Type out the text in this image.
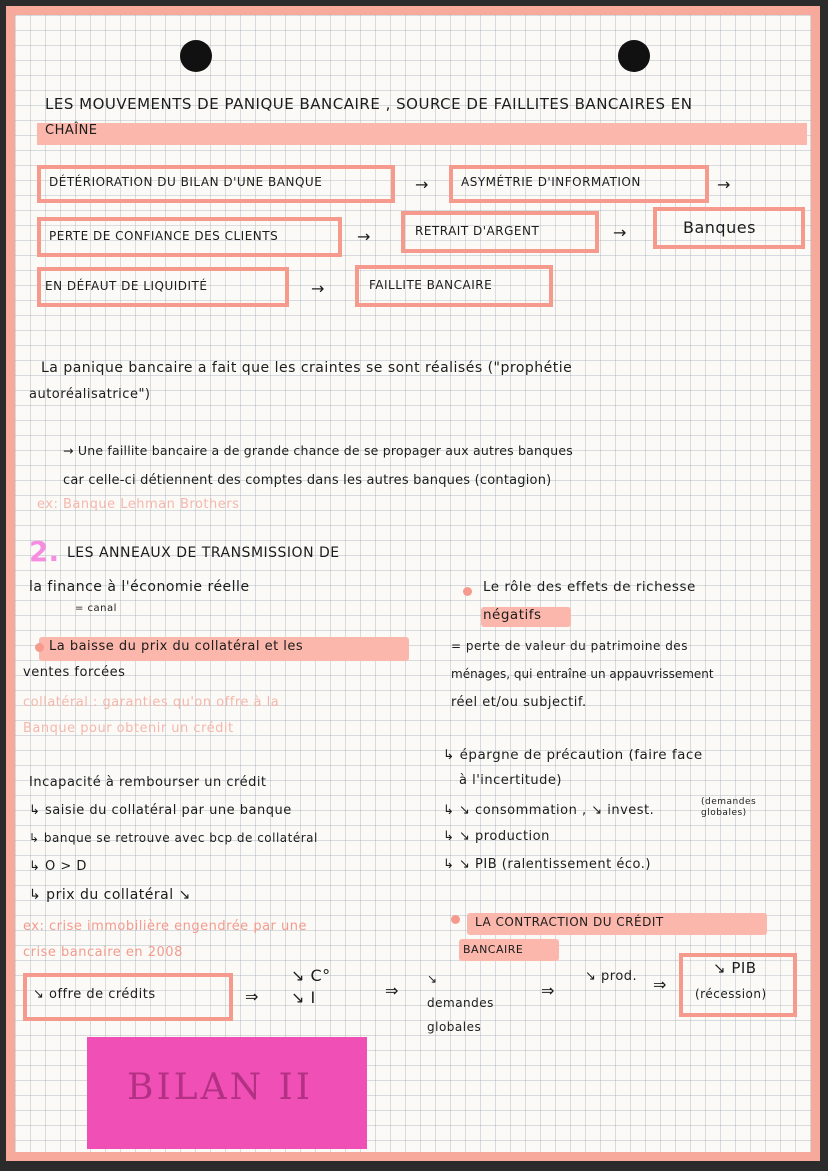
LES MOUVEMENTS DE PANIQUE BANCAIRE , SOURCE DE FAILLITES BANCAIRES EN
CHAÎNE
DÉTÉRIORATION DU BILAN D'UNE BANQUE	→	ASYMÉTRIE D'INFORMATION	→
PERTE DE CONFIANCE DES CLIENTS	→	RETRAIT D'ARGENT	→	Banques
EN DÉFAUT DE LIQUIDITÉ	→	FAILLITE BANCAIRE
La panique bancaire a fait que les craintes se sont réalisés ("prophétie
autoréalisatrice")
→ Une faillite bancaire a de grande chance de se propager aux autres banques
car celle-ci détiennent des comptes dans les autres banques (contagion)
ex: Banque Lehman Brothers
2. LES ANNEAUX DE TRANSMISSION DE
la finance à l'économie réelle
= canal
La baisse du prix du collatéral et les
ventes forcées
collatéral : garanties qu'on offre à la
Banque pour obtenir un crédit
Incapacité à rembourser un crédit
↳ saisie du collatéral par une banque
↳ banque se retrouve avec bcp de collatéral
↳ O > D
↳ prix du collatéral ↘
ex: crise immobilière engendrée par une
crise bancaire en 2008
Le rôle des effets de richesse
négatifs
= perte de valeur du patrimoine des
ménages, qui entraîne un appauvrissement
réel et/ou subjectif.
↳ épargne de précaution (faire face
à l'incertitude)
↳ ↘ consommation , ↘ invest.
(demandes globales)
↳ ↘ production
↳ ↘ PIB (ralentissement éco.)
LA CONTRACTION DU CRÉDIT
BANCAIRE
↘ offre de crédits	⇒
↘ C° ↘ I	⇒
↘ demandes globales
⇒
↘ prod. ⇒
↘ PIB
(récession)
BILAN II
